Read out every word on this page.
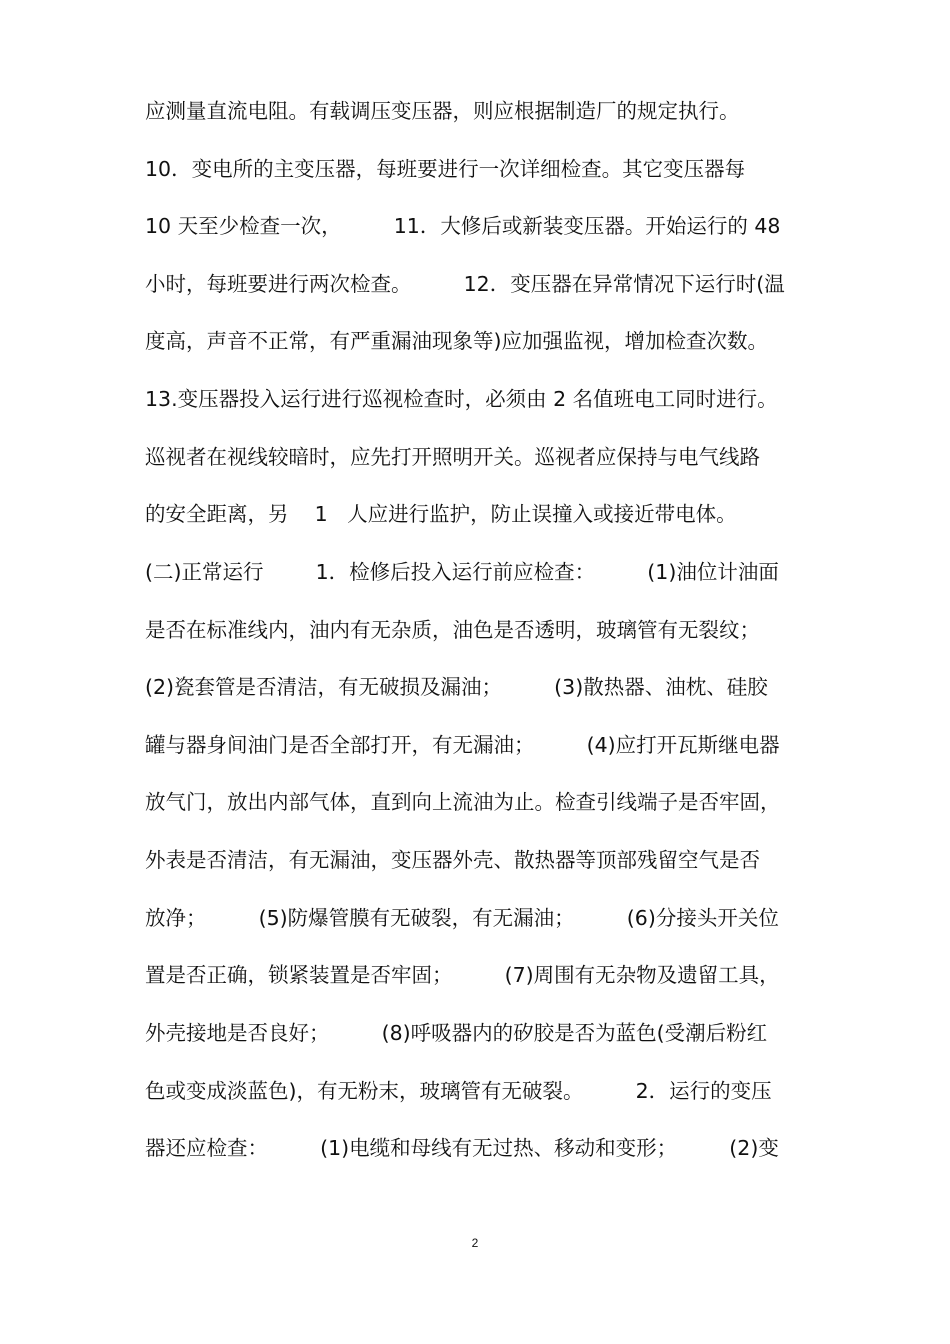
应测量直流电阻。有载调压变压器，则应根据制造厂的规定执行。
10．变电所的主变压器，每班要进行一次详细检查。其它变压器每
10 天至少检查一次，        11．大修后或新装变压器。开始运行的 48
小时，每班要进行两次检查。        12．变压器在异常情况下运行时(温
度高，声音不正常，有严重漏油现象等)应加强监视，增加检查次数。
13.变压器投入运行进行巡视检查时，必须由 2 名值班电工同时进行。
巡视者在视线较暗时，应先打开照明开关。巡视者应保持与电气线路
的安全距离，另    1   人应进行监护，防止误撞入或接近带电体。
(二)正常运行        1．检修后投入运行前应检查：        (1)油位计油面
是否在标准线内，油内有无杂质，油色是否透明，玻璃管有无裂纹；
(2)瓷套管是否清洁，有无破损及漏油；        (3)散热器、油枕、硅胶
罐与器身间油门是否全部打开，有无漏油；        (4)应打开瓦斯继电器
放气门，放出内部气体，直到向上流油为止。检查引线端子是否牢固，
外表是否清洁，有无漏油，变压器外壳、散热器等顶部残留空气是否
放净；        (5)防爆管膜有无破裂，有无漏油；        (6)分接头开关位
置是否正确，锁紧装置是否牢固；        (7)周围有无杂物及遗留工具，
外壳接地是否良好；        (8)呼吸器内的矽胶是否为蓝色(受潮后粉红
色或变成淡蓝色)，有无粉末，玻璃管有无破裂。        2．运行的变压
器还应检查：        (1)电缆和母线有无过热、移动和变形；        (2)变
2
